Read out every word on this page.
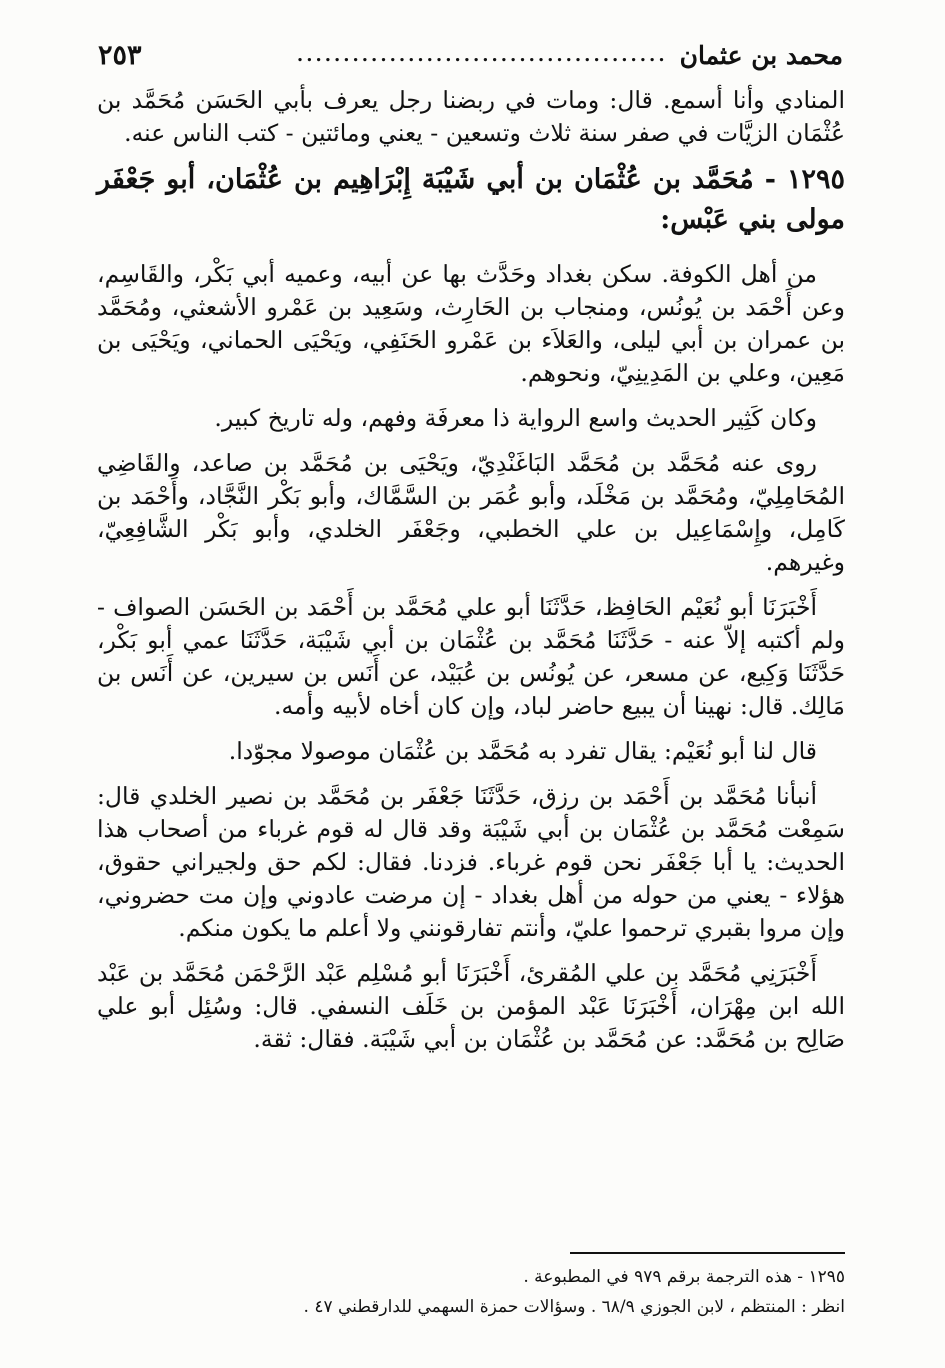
محمد بن عثمان
........................................
٢٥٣

المنادي وأنا أسمع. قال: ومات في ربضنا رجل يعرف بأبي الحَسَن مُحَمَّد بن عُثْمَان الزيَّات في صفر سنة ثلاث وتسعين - يعني ومائتين - كتب الناس عنه.

١٢٩٥ - مُحَمَّد بن عُثْمَان بن أبي شَيْبَة إِبْرَاهِيم بن عُثْمَان، أبو جَعْفَر مولى بني عَبْس:

من أهل الكوفة. سكن بغداد وحَدَّث بها عن أبيه، وعميه أبي بَكْر، والقَاسِم، وعن أَحْمَد بن يُونُس، ومنجاب بن الحَارِث، وسَعِيد بن عَمْرو الأشعثي، ومُحَمَّد بن عمران بن أبي ليلى، والعَلاَء بن عَمْرو الحَنَفِي، ويَحْيَى الحماني، ويَحْيَى بن مَعِين، وعلي بن المَدِينِيّ، ونحوهم.

وكان كَثِير الحديث واسع الرواية ذا معرفَة وفهم، وله تاريخ كبير.

روى عنه مُحَمَّد بن مُحَمَّد البَاغَنْدِيّ، ويَحْيَى بن مُحَمَّد بن صاعد، والقَاضِي المُحَامِلِيّ، ومُحَمَّد بن مَخْلَد، وأبو عُمَر بن السَّمَّاك، وأبو بَكْر النَّجَّاد، وأَحْمَد بن كَامِل، وإِسْمَاعِيل بن علي الخطبي، وجَعْفَر الخلدي، وأبو بَكْر الشَّافِعِيّ، وغيرهم.

أَخْبَرَنَا أبو نُعَيْم الحَافِظ، حَدَّثَنَا أبو علي مُحَمَّد بن أَحْمَد بن الحَسَن الصواف - ولم أكتبه إلاّ عنه - حَدَّثَنَا مُحَمَّد بن عُثْمَان بن أبي شَيْبَة، حَدَّثَنَا عمي أبو بَكْر، حَدَّثَنَا وَكِيع، عن مسعر، عن يُونُس بن عُبَيْد، عن أَنَس بن سيرين، عن أَنَس بن مَالِك. قال: نهينا أن يبيع حاضر لباد، وإن كان أخاه لأبيه وأمه.

قال لنا أبو نُعَيْم: يقال تفرد به مُحَمَّد بن عُثْمَان موصولا مجوّدا.

أنبأنا مُحَمَّد بن أَحْمَد بن رزق، حَدَّثَنَا جَعْفَر بن مُحَمَّد بن نصير الخلدي قال: سَمِعْت مُحَمَّد بن عُثْمَان بن أبي شَيْبَة وقد قال له قوم غرباء من أصحاب هذا الحديث: يا أبا جَعْفَر نحن قوم غرباء. فزدنا. فقال: لكم حق ولجيراني حقوق، هؤلاء - يعني من حوله من أهل بغداد - إن مرضت عادوني وإن مت حضروني، وإن مروا بقبري ترحموا عليّ، وأنتم تفارقونني ولا أعلم ما يكون منكم.

أَخْبَرَنِي مُحَمَّد بن علي المُقرئ، أَخْبَرَنَا أبو مُسْلِم عَبْد الرَّحْمَن مُحَمَّد بن عَبْد الله ابن مِهْرَان، أَخْبَرَنَا عَبْد المؤمن بن خَلَف النسفي. قال: وسُئِل أبو علي صَالِح بن مُحَمَّد: عن مُحَمَّد بن عُثْمَان بن أبي شَيْبَة. فقال: ثقة.

١٢٩٥ - هذه الترجمة برقم ٩٧٩ في المطبوعة .
انظر : المنتظم ، لابن الجوزي ٦٨/٩ . وسؤالات حمزة السهمي للدارقطني ٤٧ .
